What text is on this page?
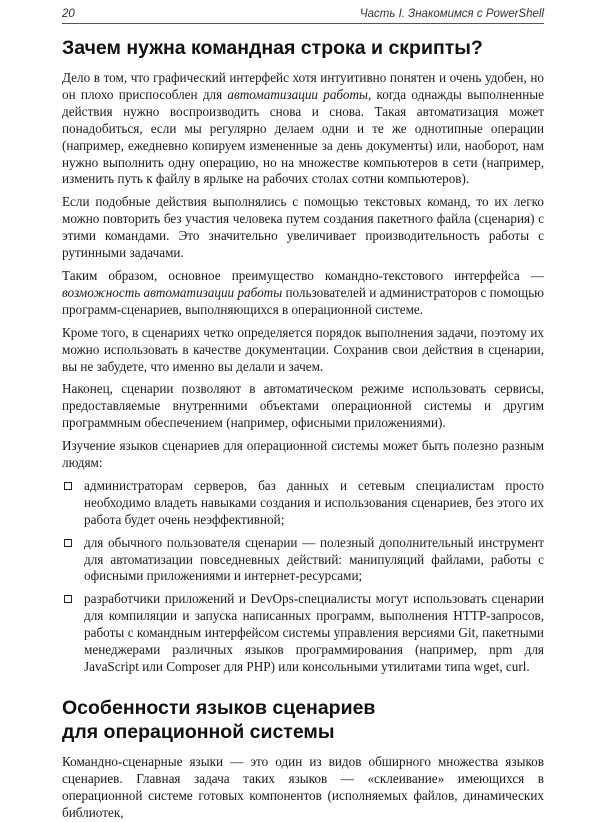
20	Часть I. Знакомимся с PowerShell
Зачем нужна командная строка и скрипты?

Дело в том, что графический интерфейс хотя интуитивно понятен и очень удобен, но он плохо приспособлен для автоматизации работы, когда однажды выполненные действия нужно воспроизводить снова и снова. Такая автоматизация может понадобиться, если мы регулярно делаем одни и те же однотипные операции (например, ежедневно копируем измененные за день документы) или, наоборот, нам нужно выполнить одну операцию, но на множестве компьютеров в сети (например, изменить путь к файлу в ярлыке на рабочих столах сотни компьютеров).

Если подобные действия выполнялись с помощью текстовых команд, то их легко можно повторить без участия человека путем создания пакетного файла (сценария) с этими командами. Это значительно увеличивает производительность работы с рутинными задачами.

Таким образом, основное преимущество командно-текстового интерфейса — возможность автоматизации работы пользователей и администраторов с помощью программ-сценариев, выполняющихся в операционной системе.

Кроме того, в сценариях четко определяется порядок выполнения задачи, поэтому их можно использовать в качестве документации. Сохранив свои действия в сценарии, вы не забудете, что именно вы делали и зачем.

Наконец, сценарии позволяют в автоматическом режиме использовать сервисы, предоставляемые внутренними объектами операционной системы и другим программным обеспечением (например, офисными приложениями).

Изучение языков сценариев для операционной системы может быть полезно разным людям:

администраторам серверов, баз данных и сетевым специалистам просто необходимо владеть навыками создания и использования сценариев, без этого их работа будет очень неэффективной;
для обычного пользователя сценарии — полезный дополнительный инструмент для автоматизации повседневных действий: манипуляций файлами, работы с офисными приложениями и интернет-ресурсами;
разработчики приложений и DevOps-специалисты могут использовать сценарии для компиляции и запуска написанных программ, выполнения HTTP-запросов, работы с командным интерфейсом системы управления версиями Git, пакетными менеджерами различных языков программирования (например, npm для JavaScript или Composer для PHP) или консольными утилитами типа wget, curl.
Особенности языков сценариев
для операционной системы

Командно-сценарные языки — это один из видов обширного множества языков сценариев. Главная задача таких языков — «склеивание» имеющихся в операционной системе готовых компонентов (исполняемых файлов, динамических библиотек,
